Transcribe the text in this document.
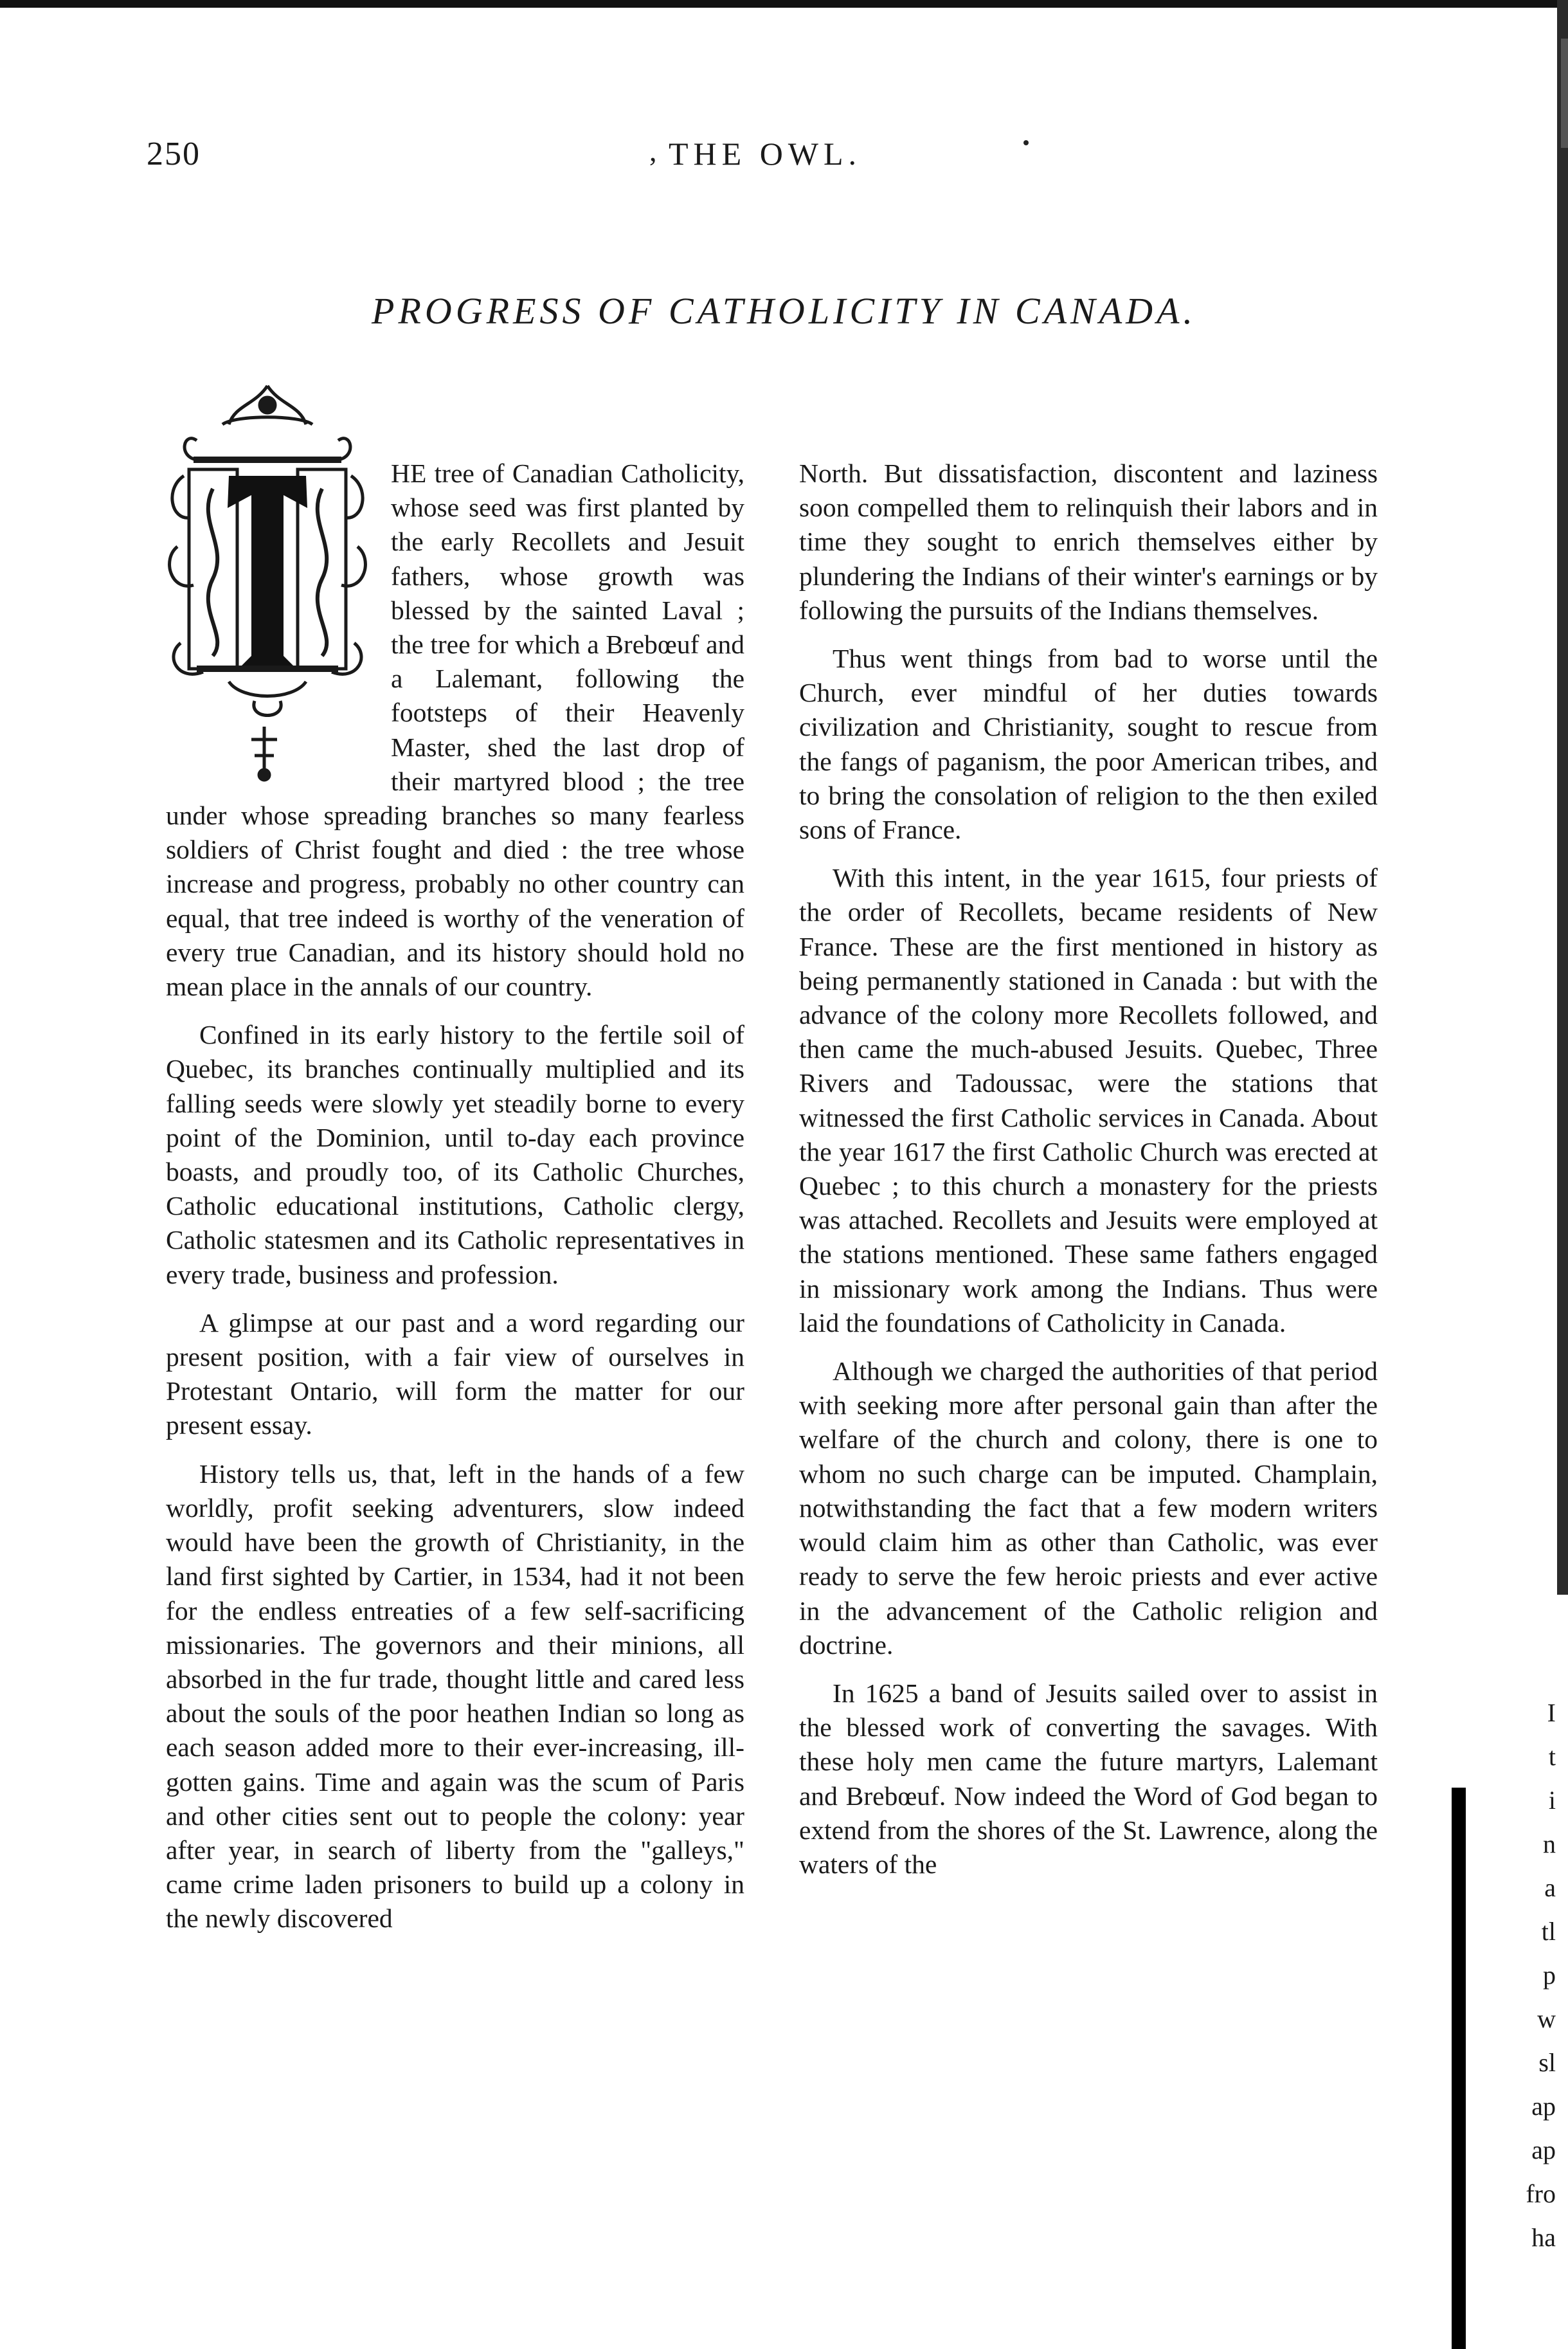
250	, THE OWL.
PROGRESS OF CATHOLICITY IN CANADA.

HE tree of Canadian Catholicity, whose seed was first planted by the early Recollets and Jesuit fathers, whose growth was blessed by the sainted Laval ; the tree for which a Brebœuf and a Lalemant, following the footsteps of their Heavenly Master, shed the last drop of their martyred blood ; the tree under whose spreading branches so many fearless soldiers of Christ fought and died : the tree whose increase and progress, probably no other country can equal, that tree indeed is worthy of the veneration of every true Canadian, and its history should hold no mean place in the annals of our country.

Confined in its early history to the fertile soil of Quebec, its branches continually multiplied and its falling seeds were slowly yet steadily borne to every point of the Dominion, until to-day each province boasts, and proudly too, of its Catholic Churches, Catholic educational institutions, Catholic clergy, Catholic statesmen and its Catholic representatives in every trade, business and profession.

A glimpse at our past and a word regarding our present position, with a fair view of ourselves in Protestant Ontario, will form the matter for our present essay.

History tells us, that, left in the hands of a few worldly, profit seeking adventurers, slow indeed would have been the growth of Christianity, in the land first sighted by Cartier, in 1534, had it not been for the endless entreaties of a few self-sacrificing missionaries. The governors and their minions, all absorbed in the fur trade, thought little and cared less about the souls of the poor heathen Indian so long as each season added more to their ever-increasing, ill-gotten gains. Time and again was the scum of Paris and other cities sent out to people the colony: year after year, in search of liberty from the "galleys," came crime laden prisoners to build up a colony in the newly discovered

North. But dissatisfaction, discontent and laziness soon compelled them to relinquish their labors and in time they sought to enrich themselves either by plundering the Indians of their winter's earnings or by following the pursuits of the Indians themselves.

Thus went things from bad to worse until the Church, ever mindful of her duties towards civilization and Christianity, sought to rescue from the fangs of paganism, the poor American tribes, and to bring the consolation of religion to the then exiled sons of France.

With this intent, in the year 1615, four priests of the order of Recollets, became residents of New France. These are the first mentioned in history as being permanently stationed in Canada : but with the advance of the colony more Recollets followed, and then came the much-abused Jesuits. Quebec, Three Rivers and Tadoussac, were the stations that witnessed the first Catholic services in Canada. About the year 1617 the first Catholic Church was erected at Quebec ; to this church a monastery for the priests was attached. Recollets and Jesuits were employed at the stations mentioned. These same fathers engaged in missionary work among the Indians. Thus were laid the foundations of Catholicity in Canada.

Although we charged the authorities of that period with seeking more after personal gain than after the welfare of the church and colony, there is one to whom no such charge can be imputed. Champlain, notwithstanding the fact that a few modern writers would claim him as other than Catholic, was ever ready to serve the few heroic priests and ever active in the advancement of the Catholic religion and doctrine.

In 1625 a band of Jesuits sailed over to assist in the blessed work of converting the savages. With these holy men came the future martyrs, Lalemant and Brebœuf. Now indeed the Word of God began to extend from the shores of the St. Lawrence, along the waters of the

I
t
i
n
a
tl
p
w
sl
ap
ap
fro
ha
